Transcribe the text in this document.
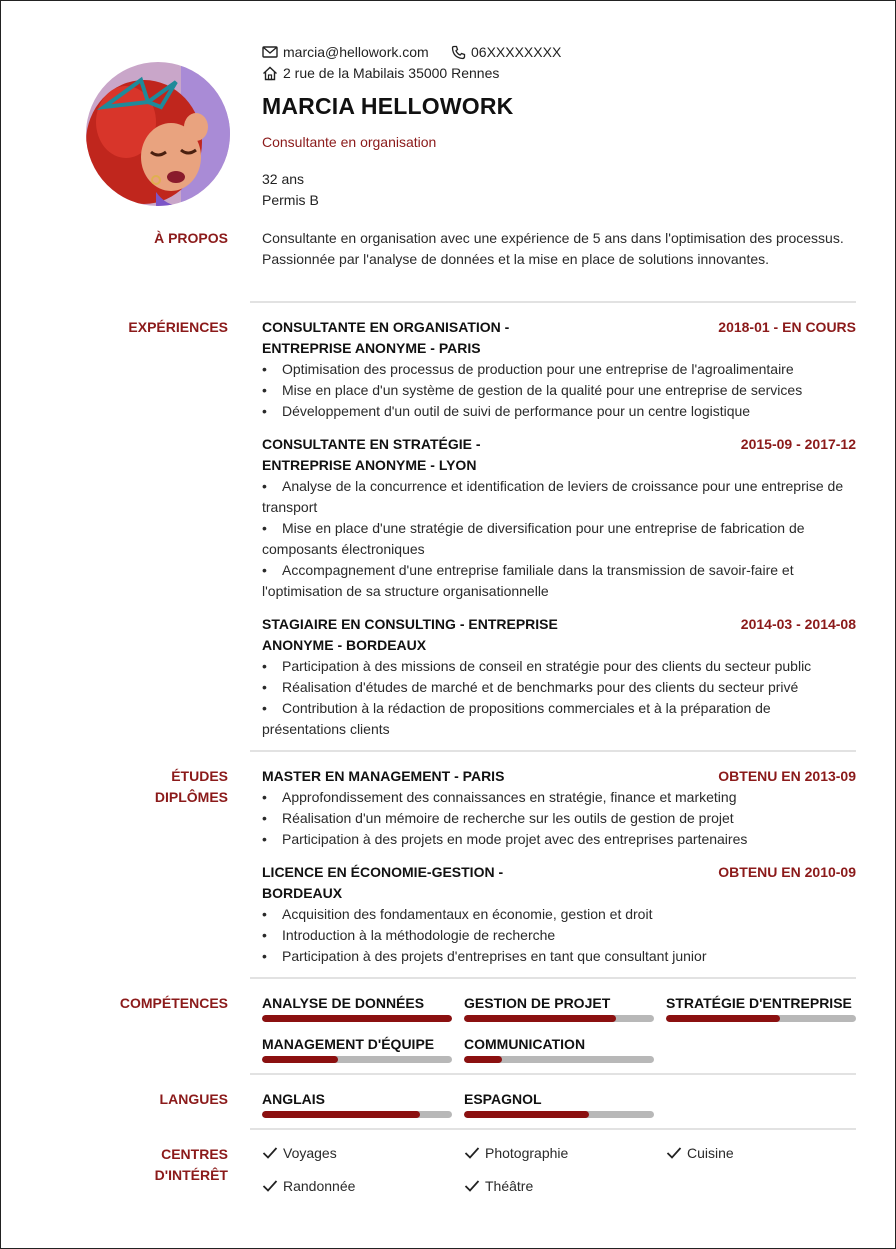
marcia@hellowork.com	06XXXXXXXX
2 rue de la Mabilais 35000 Rennes
MARCIA HELLOWORK
Consultante en organisation
32 ans
Permis B
À PROPOS Consultante en organisation avec une expérience de 5 ans dans l'optimisation des processus. Passionnée par l'analyse de données et la mise en place de solutions innovantes.
EXPÉRIENCES CONSULTANTE EN ORGANISATION -
ENTREPRISE ANONYME - PARIS
2018-01 - EN COURS
• Optimisation des processus de production pour une entreprise de l'agroalimentaire
• Mise en place d'un système de gestion de la qualité pour une entreprise de services
• Développement d'un outil de suivi de performance pour un centre logistique
CONSULTANTE EN STRATÉGIE -
ENTREPRISE ANONYME - LYON
2015-09 - 2017-12
• Analyse de la concurrence et identification de leviers de croissance pour une entreprise de transport
• Mise en place d'une stratégie de diversification pour une entreprise de fabrication de composants électroniques
• Accompagnement d'une entreprise familiale dans la transmission de savoir-faire et l'optimisation de sa structure organisationnelle
STAGIAIRE EN CONSULTING - ENTREPRISE
ANONYME - BORDEAUX
2014-03 - 2014-08
• Participation à des missions de conseil en stratégie pour des clients du secteur public
• Réalisation d'études de marché et de benchmarks pour des clients du secteur privé
• Contribution à la rédaction de propositions commerciales et à la préparation de présentations clients
ÉTUDES
DIPLÔMES
MASTER EN MANAGEMENT - PARIS	OBTENU EN 2013-09
• Approfondissement des connaissances en stratégie, finance et marketing
• Réalisation d'un mémoire de recherche sur les outils de gestion de projet
• Participation à des projets en mode projet avec des entreprises partenaires
LICENCE EN ÉCONOMIE-GESTION -
BORDEAUX
OBTENU EN 2010-09
• Acquisition des fondamentaux en économie, gestion et droit
• Introduction à la méthodologie de recherche
• Participation à des projets d'entreprises en tant que consultant junior
COMPÉTENCES ANALYSE DE DONNÉES	GESTION DE PROJET	STRATÉGIE D'ENTREPRISE
MANAGEMENT D'ÉQUIPE	COMMUNICATION
LANGUES ANGLAIS	ESPAGNOL
CENTRES
D'INTÉRÊT
Voyages	Photographie	Cuisine
Randonnée	Théâtre
